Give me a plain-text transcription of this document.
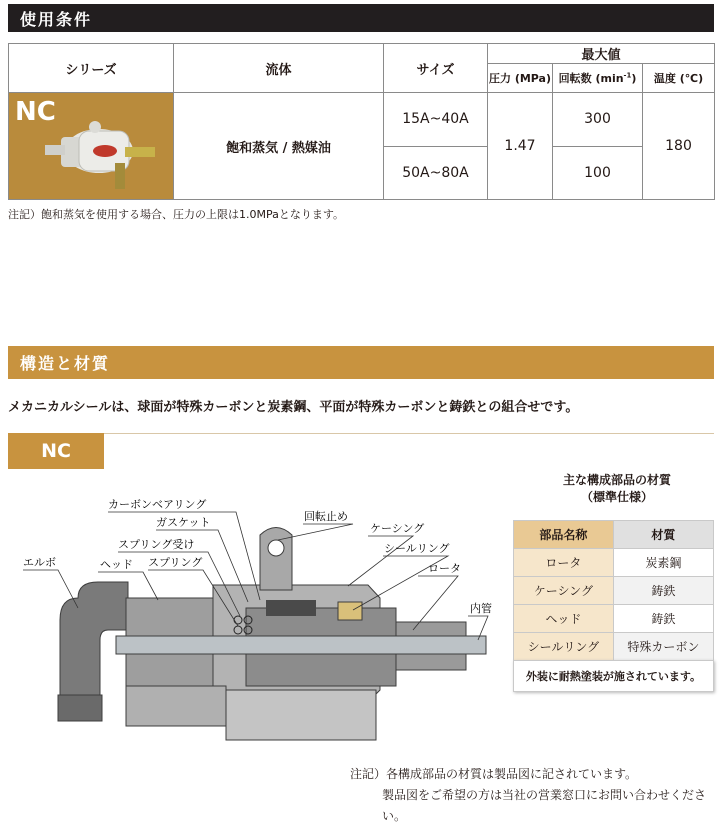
使用条件
シリーズ	流体	サイズ	最大値		
			圧力 (MPa)	回転数 $(\min^{-1})$	温度 (℃)

NC	飽和蒸気 / 熱媒油	15A~40A	1.47	300	180
		50A~80A		100	
注記）飽和蒸気を使用する場合、圧力の上限は1.0MPaとなります。
構造と材質
メカニカルシールは、球面が特殊カーボンと炭素鋼、平面が特殊カーボンと鋳鉄との組合せです。
NC
カーボンベアリング
ガスケット
スプリング受け
スプリング
ヘッド
エルボ
回転止め
ケーシング
シールリング
ロータ
内管
主な構成部品の材質
（標準仕様）
部品名称	材質
ロータ	炭素鋼
ケーシング	鋳鉄
ヘッド	鋳鉄
シールリング	特殊カーボン
外装に耐熱塗装が施されています。
注記）各構成部品の材質は製品図に記されています。
製品図をご希望の方は当社の営業窓口にお問い合わせください。
